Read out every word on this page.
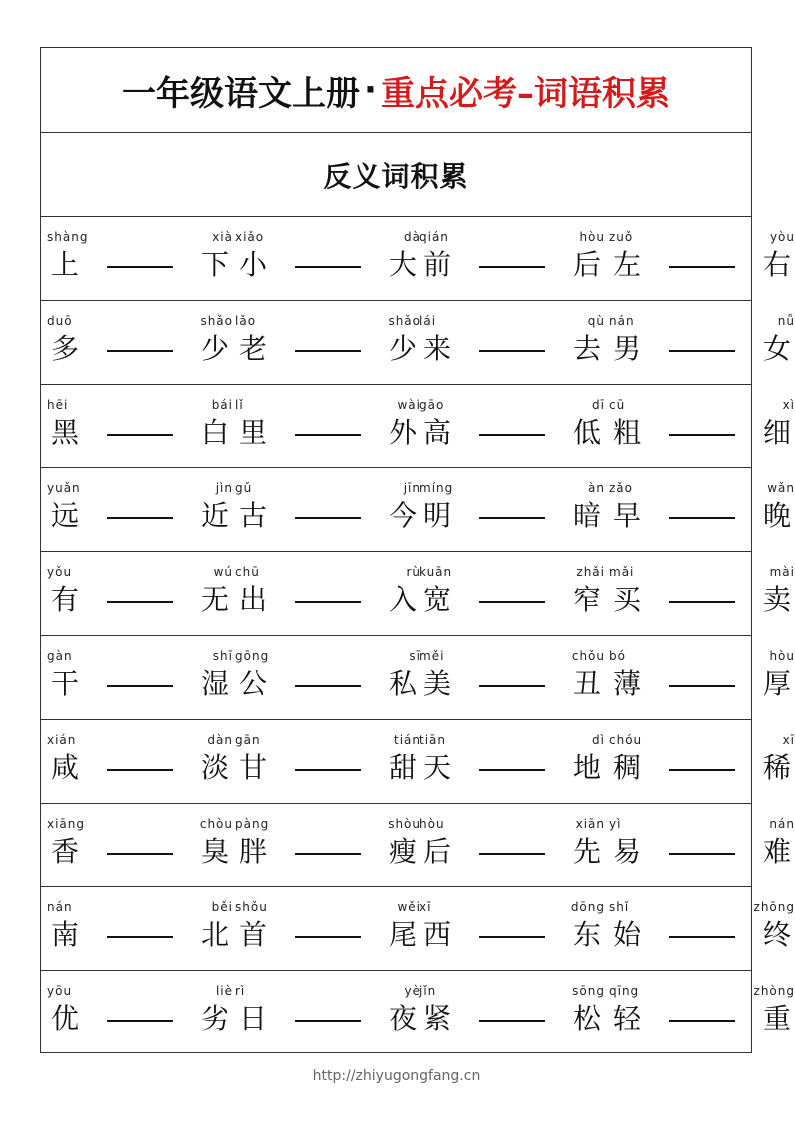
一年级语文上册 · 重点必考–词语积累
反义词积累
shàng
上
xià
下
xiǎo
小
dà
大
qián
前
hòu
后
zuǒ
左
yòu
右
duō
多
shǎo
少
lǎo
老
shǎo
少
lái
来
qù
去
nán
男
nǚ
女
hēi
黑
bái
白
lǐ
里
wài
外
gāo
高
dī
低
cū
粗
xì
细
yuǎn
远
jìn
近
gǔ
古
jīn
今
míng
明
àn
暗
zǎo
早
wǎn
晚
yǒu
有
wú
无
chū
出
rù
入
kuān
宽
zhǎi
窄
mǎi
买
mài
卖
gàn
干
shī
湿
gōng
公
sī
私
měi
美
chǒu
丑
bó
薄
hòu
厚
xián
咸
dàn
淡
gān
甘
tián
甜
tiān
天
dì
地
chóu
稠
xī
稀
xiāng
香
chòu
臭
pàng
胖
shòu
瘦
hòu
后
xiān
先
yì
易
nán
难
nán
南
běi
北
shǒu
首
wěi
尾
xī
西
dōng
东
shǐ
始
zhōng
终
yōu
优
liè
劣
rì
日
yè
夜
jǐn
紧
sōng
松
qīng
轻
zhòng
重
http://zhiyugongfang.cn
